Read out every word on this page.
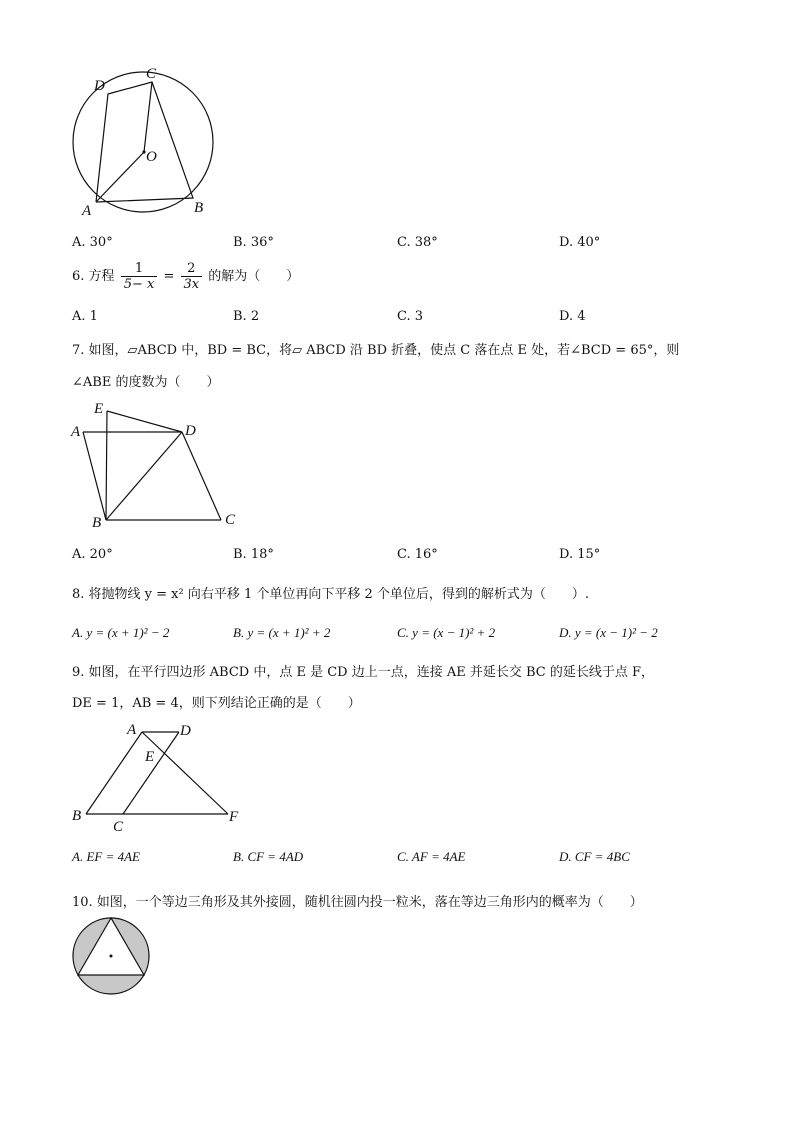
D
C
O
A	B
A. 30°	B. 36°	C. 38°	D. 40°
6. 方程 $\frac{1}{5- x} = \frac{2}{3x}$ 的解为（　　）
A. 1	B. 2	C. 3	D. 4
7. 如图，▱ABCD 中，BD = BC，将▱ ABCD 沿 BD 折叠，使点 C 落在点 E 处，若∠BCD = 65°，则
∠ABE 的度数为（　　）
E
A	D
B	C
A. 20°	B. 18°	C. 16°	D. 15°
8. 将抛物线 y = x² 向右平移 1 个单位再向下平移 2 个单位后，得到的解析式为（　　）.
A. y = (x + 1)² − 2	B. y = (x + 1)² + 2	C. y = (x − 1)² + 2	D. y = (x − 1)² − 2
9. 如图，在平行四边形 ABCD 中，点 E 是 CD 边上一点，连接 AE 并延长交 BC 的延长线于点 F，
DE = 1，AB = 4，则下列结论正确的是（　　）
A	D
E
B
C
F
A. EF = 4AE	B. CF = 4AD	C. AF = 4AE	D. CF = 4BC
10. 如图，一个等边三角形及其外接圆，随机往圆内投一粒米，落在等边三角形内的概率为（　　）
